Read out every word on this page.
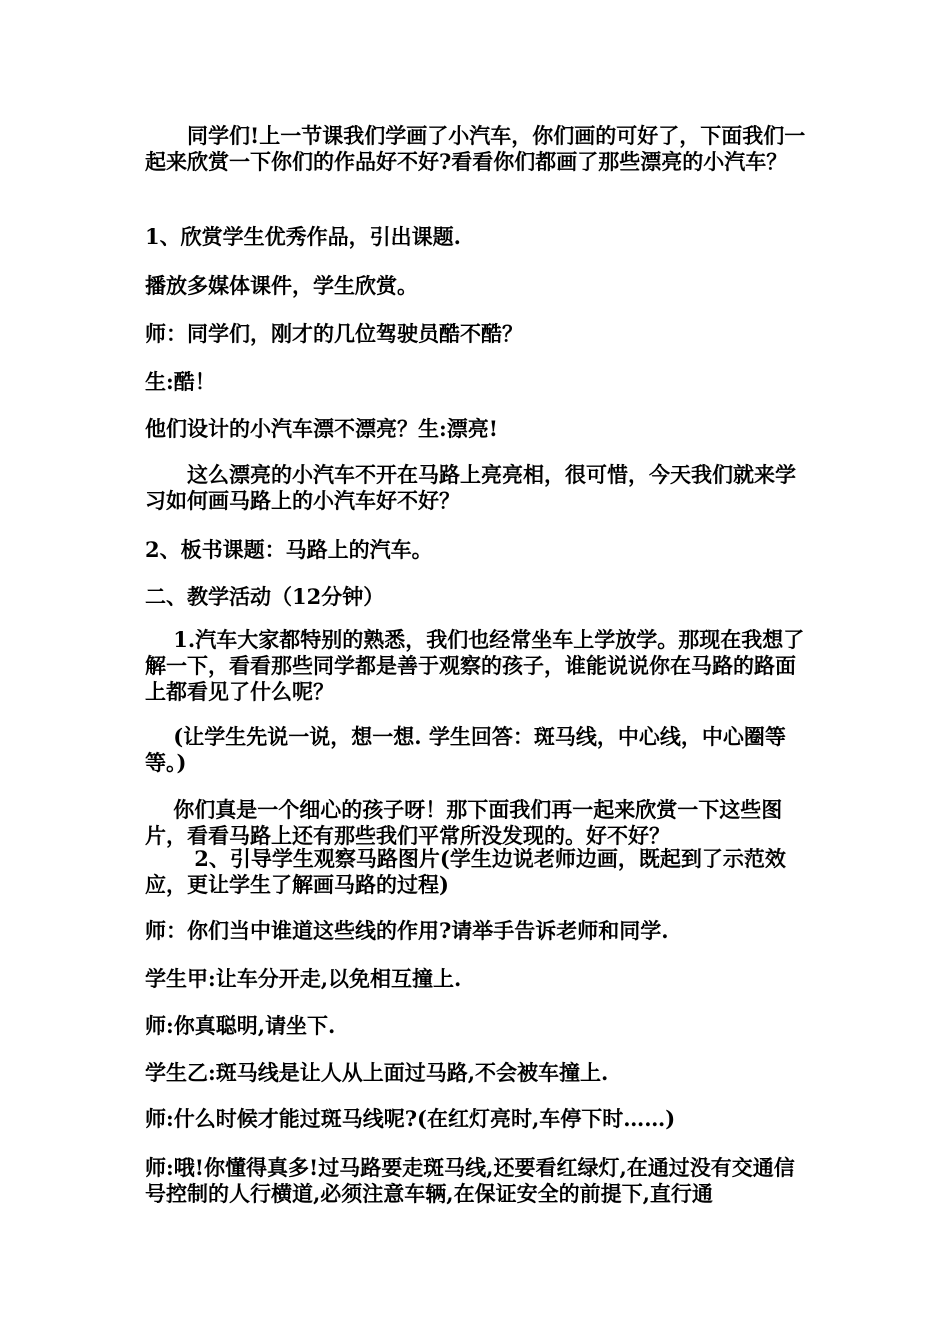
　　同学们!上一节课我们学画了小汽车，你们画的可好了，下面我们一起来欣赏一下你们的作品好不好?看看你们都画了那些漂亮的小汽车？

1、欣赏学生优秀作品，引出课题.

播放多媒体课件，学生欣赏。

师：同学们，刚才的几位驾驶员酷不酷？

生:酷！

他们设计的小汽车漂不漂亮？生:漂亮!

　　这么漂亮的小汽车不开在马路上亮亮相，很可惜，今天我们就来学习如何画马路上的小汽车好不好？

2、板书课题：马路上的汽车。

二、教学活动（12分钟）

　 1.汽车大家都特别的熟悉，我们也经常坐车上学放学。那现在我想了解一下，看看那些同学都是善于观察的孩子，谁能说说你在马路的路面上都看见了什么呢？

　 (让学生先说一说，想一想. 学生回答：斑马线，中心线，中心圈等等。)

　 你们真是一个细心的孩子呀！那下面我们再一起来欣赏一下这些图片，看看马路上还有那些我们平常所没发现的。好不好？

　　 2、引导学生观察马路图片(学生边说老师边画，既起到了示范效应，更让学生了解画马路的过程)

师：你们当中谁道这些线的作用?请举手告诉老师和同学.

学生甲:让车分开走,以免相互撞上.

师:你真聪明,请坐下.

学生乙:斑马线是让人从上面过马路,不会被车撞上.

师:什么时候才能过斑马线呢?(在红灯亮时,车停下时……)

师:哦!你懂得真多!过马路要走斑马线,还要看红绿灯,在通过没有交通信号控制的人行横道,必须注意车辆,在保证安全的前提下,直行通
